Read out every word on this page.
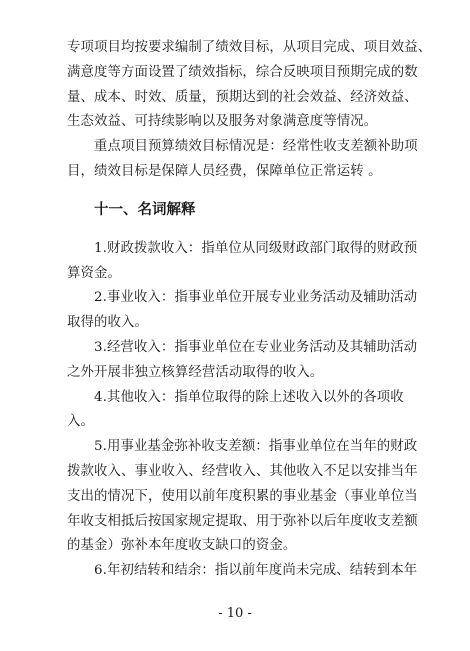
专项项目均按要求编制了绩效目标，从项目完成、项目效益、
满意度等方面设置了绩效指标，综合反映项目预期完成的数
量、成本、时效、质量，预期达到的社会效益、经济效益、
生态效益、可持续影响以及服务对象满意度等情况。
　　重点项目预算绩效目标情况是：经常性收支差额补助项
目，绩效目标是保障人员经费，保障单位正常运转 。
十一、名词解释
　　1.财政拨款收入：指单位从同级财政部门取得的财政预
算资金。
　　2.事业收入：指事业单位开展专业业务活动及辅助活动
取得的收入。
　　3.经营收入：指事业单位在专业业务活动及其辅助活动
之外开展非独立核算经营活动取得的收入。
　　4.其他收入：指单位取得的除上述收入以外的各项收
入。
　　5.用事业基金弥补收支差额：指事业单位在当年的财政
拨款收入、事业收入、经营收入、其他收入不足以安排当年
支出的情况下，使用以前年度积累的事业基金（事业单位当
年收支相抵后按国家规定提取、用于弥补以后年度收支差额
的基金）弥补本年度收支缺口的资金。
　　6.年初结转和结余：指以前年度尚未完成、结转到本年
- 10 -
